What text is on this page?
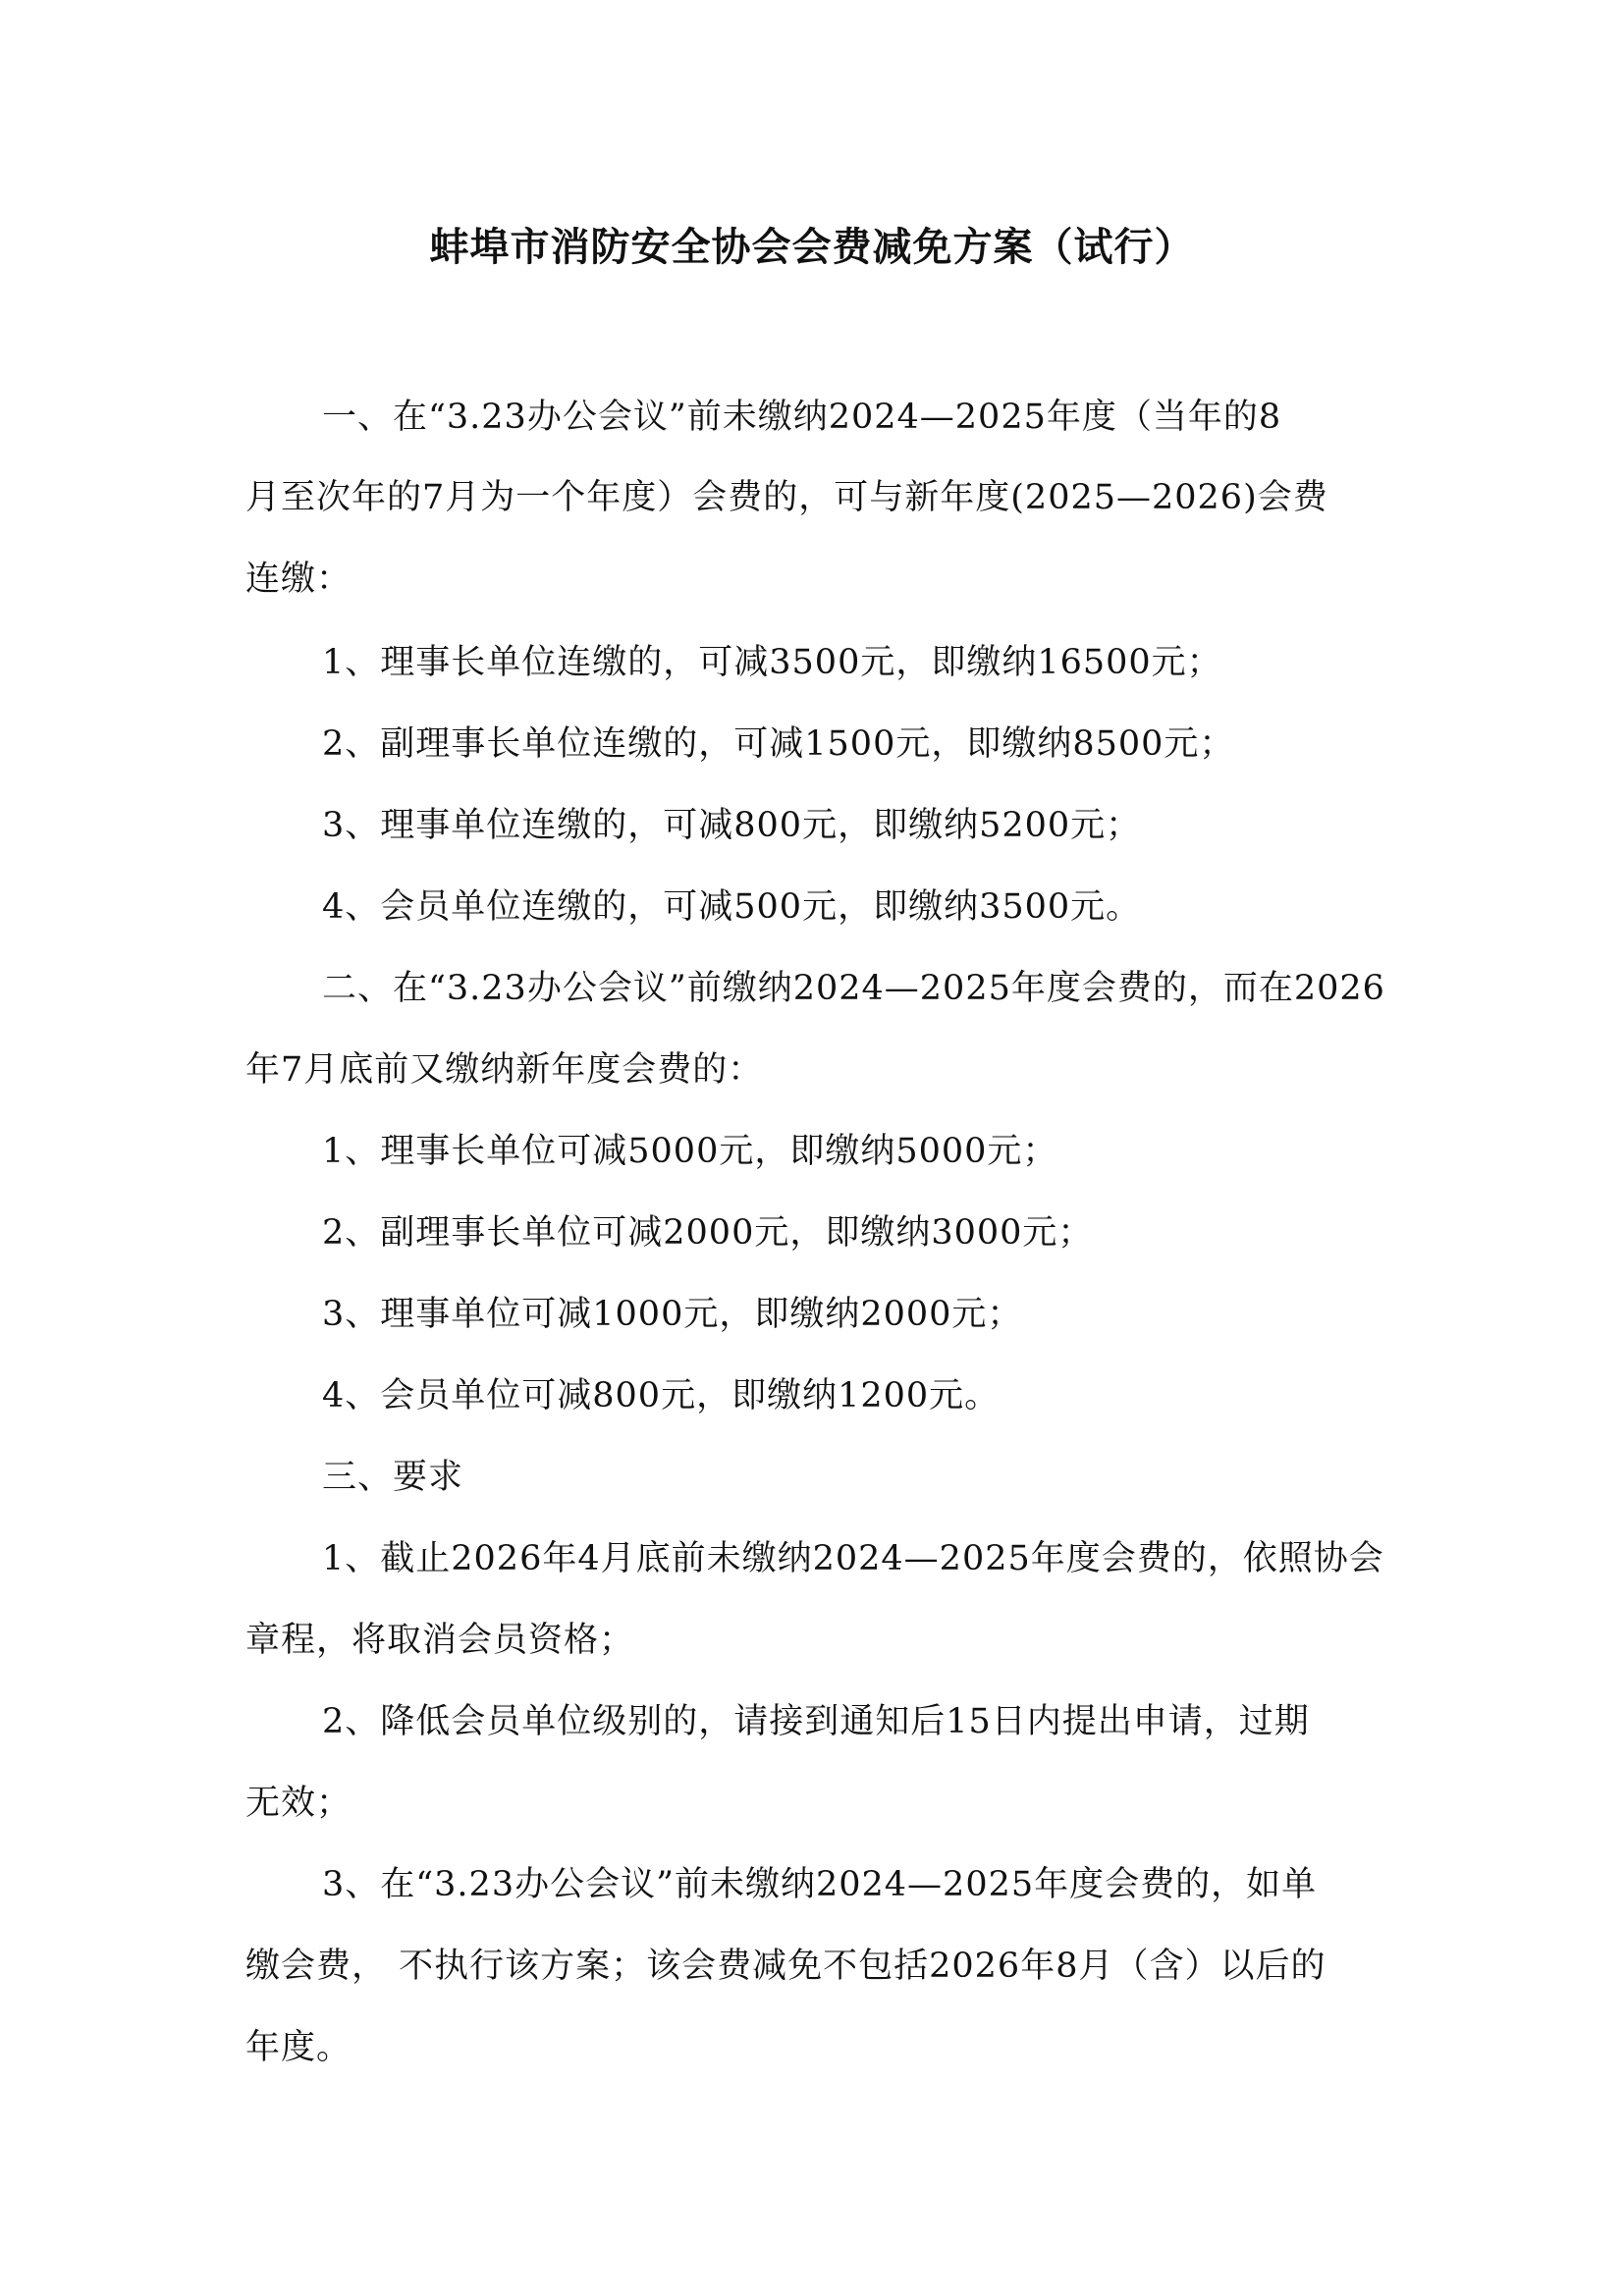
蚌埠市消防安全协会会费减免方案（试行）
一、在“3.23办公会议”前未缴纳2024—2025年度（当年的8
月至次年的7月为一个年度）会费的，可与新年度(2025—2026)会费
连缴：
1、理事长单位连缴的，可减3500元，即缴纳16500元；
2、副理事长单位连缴的，可减1500元，即缴纳8500元；
3、理事单位连缴的，可减800元，即缴纳5200元；
4、会员单位连缴的，可减500元，即缴纳3500元。
二、在“3.23办公会议”前缴纳2024—2025年度会费的，而在2026
年7月底前又缴纳新年度会费的：
1、理事长单位可减5000元，即缴纳5000元；
2、副理事长单位可减2000元，即缴纳3000元；
3、理事单位可减1000元，即缴纳2000元；
4、会员单位可减800元，即缴纳1200元。
三、要求
1、截止2026年4月底前未缴纳2024—2025年度会费的，依照协会
章程，将取消会员资格；
2、降低会员单位级别的，请接到通知后15日内提出申请，过期
无效；
3、在“3.23办公会议”前未缴纳2024—2025年度会费的，如单
缴会费， 不执行该方案；该会费减免不包括2026年8月（含）以后的
年度。
